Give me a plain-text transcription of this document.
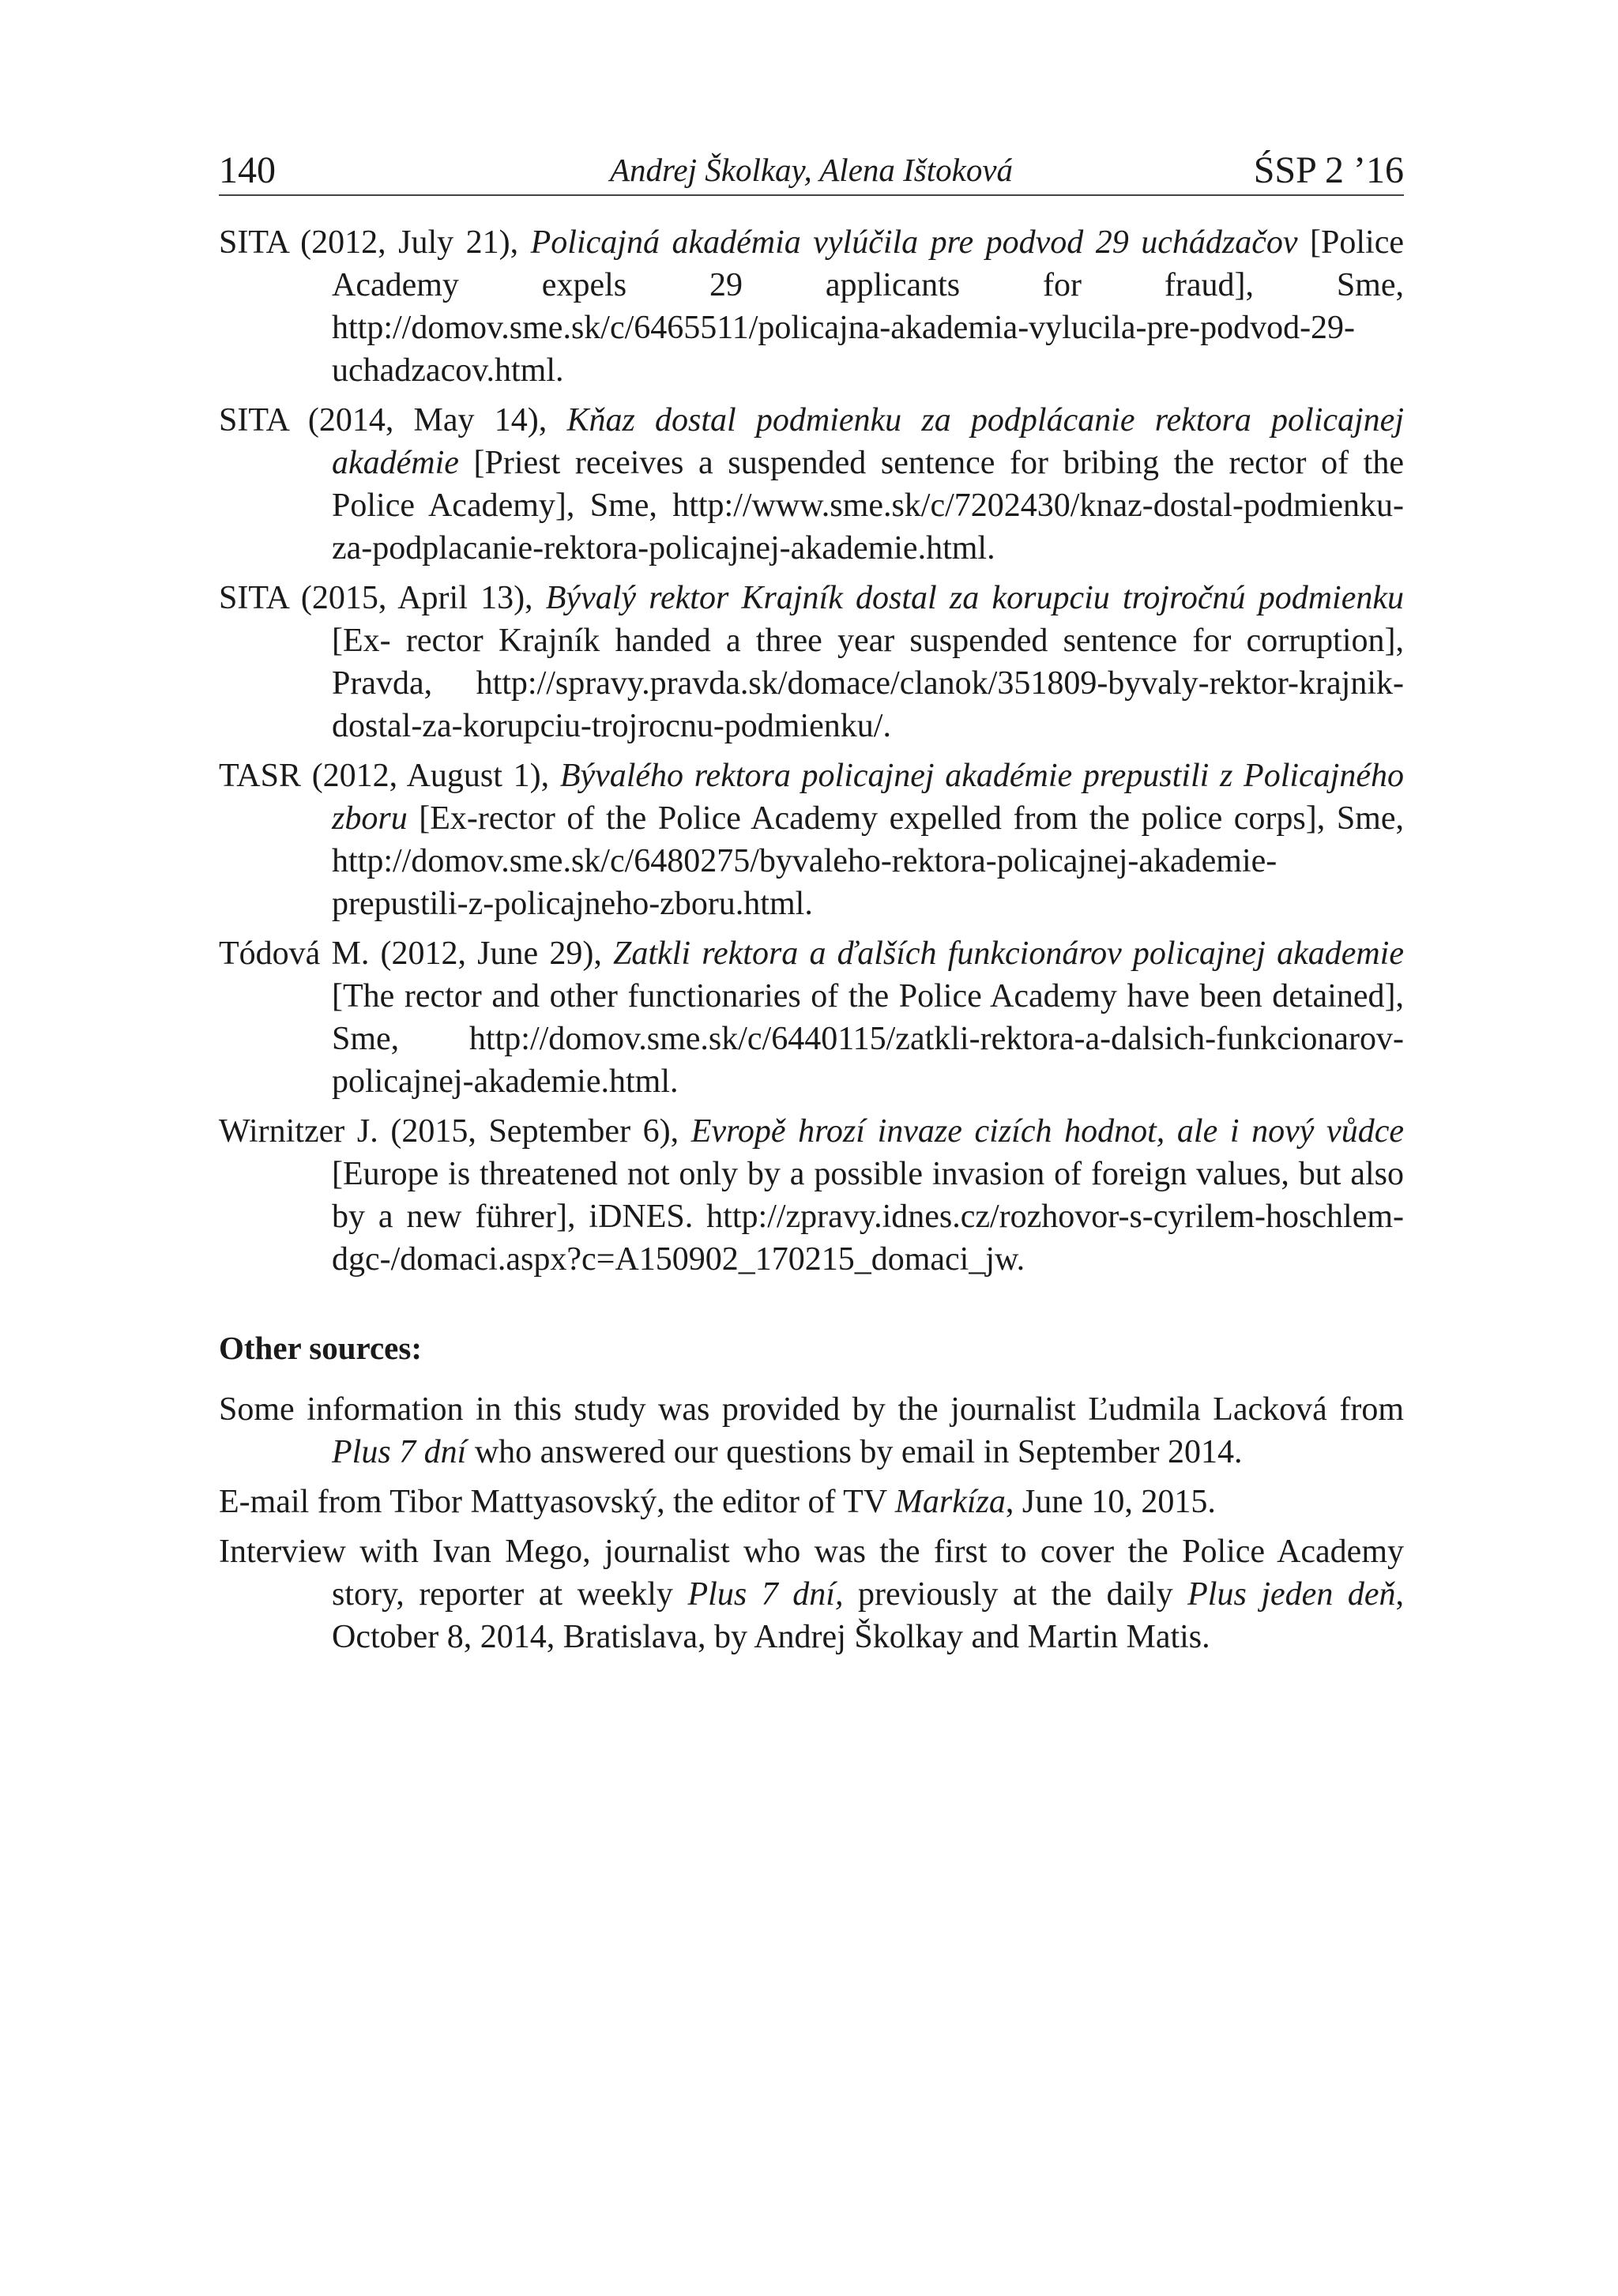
140	Andrej Školkay, Alena Ištoková	ŚSP 2 ’16

SITA (2012, July 21), Policajná akadémia vylúčila pre podvod 29 uchádzačov [Police Academy expels 29 applicants for fraud], Sme, http://domov.sme.sk/c/6465511/policajna-akademia-vylucila-pre-podvod-29-uchadzacov.html.

SITA (2014, May 14), Kňaz dostal podmienku za podplácanie rektora policajnej akadémie [Priest receives a suspended sentence for bribing the rector of the Police Academy], Sme, http://www.sme.sk/c/7202430/knaz-dostal-podmienku-za-podplacanie-rektora-policajnej-akademie.html.

SITA (2015, April 13), Bývalý rektor Krajník dostal za korupciu trojročnú podmienku [Ex- rector Krajník handed a three year suspended sentence for corruption], Pravda, http://spravy.pravda.sk/domace/clanok/351809-byvaly-rektor-krajnik-dostal-za-korupciu-trojrocnu-podmienku/.

TASR (2012, August 1), Bývalého rektora policajnej akadémie prepustili z Policajného zboru [Ex-rector of the Police Academy expelled from the police corps], Sme, http://domov.sme.sk/c/6480275/byvaleho-rektora-policajnej-akademie-prepustili-z-policajneho-zboru.html.

Tódová M. (2012, June 29), Zatkli rektora a ďalších funkcionárov policajnej akademie [The rector and other functionaries of the Police Academy have been detained], Sme, http://domov.sme.sk/c/6440115/zatkli-rektora-a-dalsich-funkcionarov-policajnej-akademie.html.

Wirnitzer J. (2015, September 6), Evropě hrozí invaze cizích hodnot, ale i nový vůdce [Europe is threatened not only by a possible invasion of foreign values, but also by a new führer], iDNES. http://zpravy.idnes.cz/rozhovor-s-cyrilem-hoschlem-dgc-/domaci.aspx?c=A150902_170215_domaci_jw.

Other sources:

Some information in this study was provided by the journalist Ľudmila Lacková from Plus 7 dní who answered our questions by email in September 2014.

E-mail from Tibor Mattyasovský, the editor of TV Markíza, June 10, 2015.

Interview with Ivan Mego, journalist who was the first to cover the Police Academy story, reporter at weekly Plus 7 dní, previously at the daily Plus jeden deň, October 8, 2014, Bratislava, by Andrej Školkay and Martin Matis.
